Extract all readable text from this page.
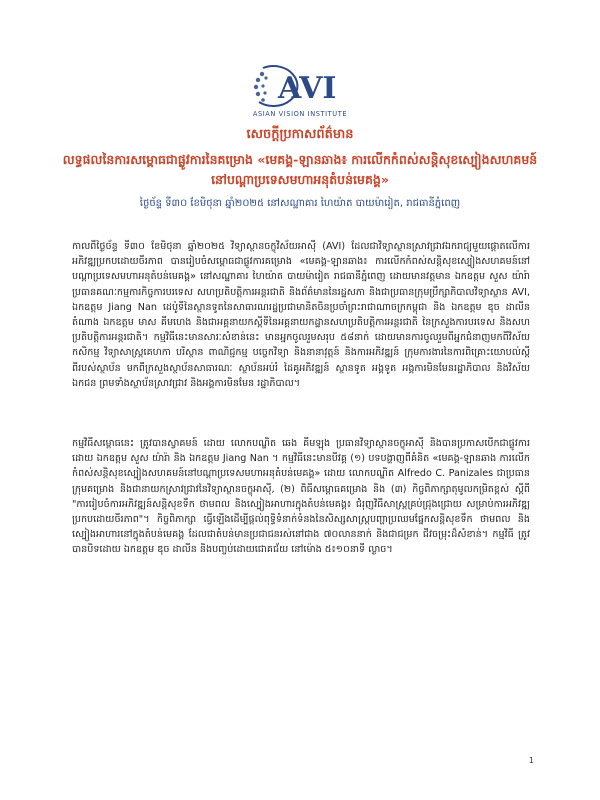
AVI
ASIAN VISION INSTITUTE
សេចក្ដីប្រកាសព័ត៌មាន
លទ្ធផលនៃការសម្ពោធជាផ្លូវការនៃគម្រោង «មេគង្គ-ឡានឆាង៖ ការលើកកំពស់សន្តិសុខស្បៀងសហគមន៍នៅបណ្ដាប្រទេសមហាអនុតំបន់មេគង្គ»
ថ្ងៃច័ន្ទ ទី៣០ ខែមិថុនា ឆ្នាំ២០២៥ នៅសណ្ឋាគារ ហៃយ៉ាត បាយម៉ារៀត, រាជធានីភ្នំពេញ
កាលពីថ្ងៃច័ន្ទ ទី៣០ ខែមិថុនា ឆ្នាំ២០២៥ វិទ្យាស្ថានចក្ខុវិស័យអាស៊ី (AVI) ដែលជាវិទ្យាស្ថានស្រាវជ្រាវឯករាជ្យមួយផ្ដោតលើការអភិវឌ្ឍប្រកបដោយចីរភាព បានរៀបចំសម្ពោធជាផ្លូវការគម្រោង «មេគង្គ-ឡានឆាង៖ ការលើកកំពស់សន្តិសុខស្បៀងសហគមន៍នៅបណ្ដាប្រទេសមហាអនុតំបន់មេគង្គ» នៅសណ្ឋាគារ ហៃយ៉ាត បាយម៉ារៀត រាជធានីភ្នំពេញ ដោយមានវត្តមាន ឯកឧត្តម សួស យ៉ារ៉ា ប្រធានគណៈកម្មការកិច្ចការបរទេស សហប្រតិបត្តិការអន្តរជាតិ និងព័ត៌មាននៃរដ្ឋសភា និងជាប្រធានក្រុមប្រឹក្សាភិបាលវិទ្យាស្ថាន AVI, ឯកឧត្តម Jiang Nan ដេប៉ូទីនៃស្ថានទូតនៃសាធារណរដ្ឋប្រជាមានិតចិនប្រចាំព្រះរាជាណាចក្រកម្ពុជា និង ឯកឧត្តម ឌុច ដាលីន តំណាង ឯកឧត្តម មាស គីមហេង និងជាអគ្គនាយកស្ដីទីនៃអគ្គនាយកដ្ឋានសហប្រតិបត្តិការអន្តរជាតិ នៃក្រសួងការបរទេស និងសហប្រតិបត្តិការអន្តរជាតិ។ កម្មវិធីនេះមានសារៈសំខាន់នេះ មានអ្នកចូលរួមសរុប ៥៨នាក់ ដោយមានការចូលរួមពីអ្នកជំនាញមកពីវិស័យកសិកម្ម វិទ្យាសាស្ត្រគេហកា បរិស្ថាន ពាណិជ្ជកម្ម បច្ចេកវិទ្យា និងនានាវុត្តន៍ និងការអភិវឌ្ឍន៍ ក្រុមការងារនៃការពិគ្រោះយោបល់ស្ដីពីរបស់ស្ថាប័ន មកពីក្រសួងស្ថាប័នសាធារណៈ ស្ថាប័នអប់រំ ដៃគូអភិវឌ្ឍន៍ ស្ថានទូត អង្គទូត អង្គការមិនមែនរដ្ឋាភិបាល និងវិស័យឯកជន ព្រមទាំងស្ថាប័នស្រាវជ្រាវ និងអង្គការមិនមែន រដ្ឋាភិបាល។
កម្មវិធីសម្ពោធនេះ ត្រូវបានស្វាគមន៍ ដោយ លោកបណ្ឌិត ឆេង គីមឡុង ប្រធានវិទ្យាស្ថានចក្ខុអាស៊ី និងបានប្រកាសបើកជាផ្លូវការដោយ ឯកឧត្តម សួស យ៉ារ៉ា និង ឯកឧត្តម Jiang Nan ។ កម្មវិធីនេះមានបីវគ្គ (១) បទបង្ហាញពីគំនិត «មេគង្គ-ឡានឆាង ការលើកកំពស់សន្តិសុខស្បៀងសហគមន៍នៅបណ្ដាប្រទេសមហាអនុតំបន់មេគង្គ» ដោយ លោកបណ្ឌិត Alfredo C. Panizales ជាប្រធានក្រុមគម្រោង និងជានាយកស្រាវជ្រាវនៃវិទ្យាស្ថានចក្ខុអាស៊ី, (២) ពិធីសម្ពោធគម្រោង និង (៣) កិច្ចពិភាក្សាតុមូលកម្រិតខ្ពស់ ស្ដីពី "ការរៀបចំការអភិវឌ្ឍន៍សន្តិសុខទឹក ថាមពល និងស្បៀងអាហារក្នុងតំបន់មេគង្គ៖ ជំរុញវិធីសាស្ត្រគ្រប់ជ្រុងជ្រោយ សម្រាប់ការអភិវឌ្ឍប្រកបដោយចីរភាព"។ កិច្ចពិភាក្សា ធ្វើឡើងដើម្បីផ្ដល់ពុទ្ធិទំនាក់ទំនងនៃសិស្សសាស្ត្របញ្ហាប្រឈមផ្នែកសន្តិសុខទឹក ថាមពល និងស្បៀងអាហារនៅក្នុងតំបន់មេគង្គ ដែលជាតំបន់មានប្រជាជនរស់នៅជាង ៧០លាននាក់ និងជាជម្រក ជីវចម្រុះដ៏សំខាន់។ កម្មវិធី ត្រូវបានបិទដោយ ឯកឧត្តម ឌុច ដាលីន និងបញ្ចប់ដោយជោគជ័យ នៅម៉ោង ៥៖១០នាទី ល្ងាច។
1
